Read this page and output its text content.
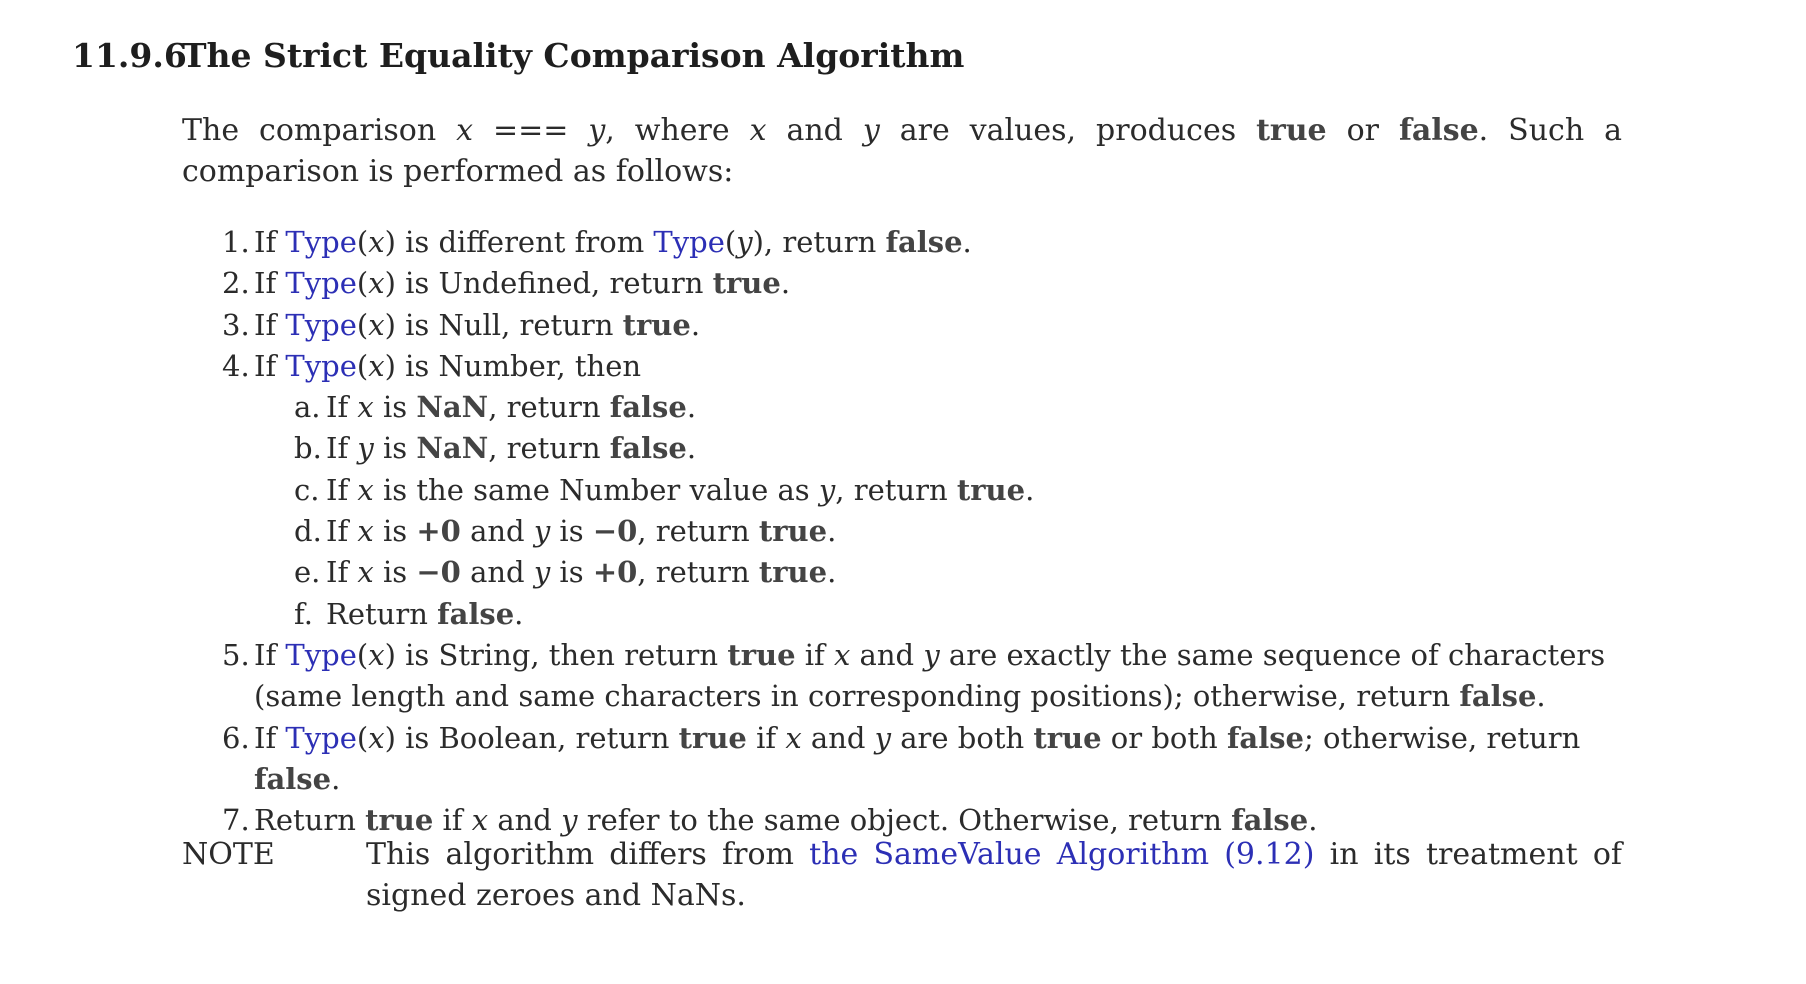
11.9.6The Strict Equality Comparison Algorithm
The comparison x === y, where x and y are values, produces true or false. Such a comparison is performed as follows:
1. If Type(x) is different from Type(y), return false.
2. If Type(x) is Undefined, return true.
3. If Type(x) is Null, return true.
4. If Type(x) is Number, then
a. If x is NaN, return false.
b. If y is NaN, return false.
c. If x is the same Number value as y, return true.
d. If x is +0 and y is −0, return true.
e. If x is −0 and y is +0, return true.
f. Return false.
5. If Type(x) is String, then return true if x and y are exactly the same sequence of characters (same length and same characters in corresponding positions); otherwise, return false.
6. If Type(x) is Boolean, return true if x and y are both true or both false; otherwise, return false.
7. Return true if x and y refer to the same object. Otherwise, return false.
NOTE	This algorithm differs from the SameValue Algorithm (9.12) in its treatment of signed zeroes and NaNs.
